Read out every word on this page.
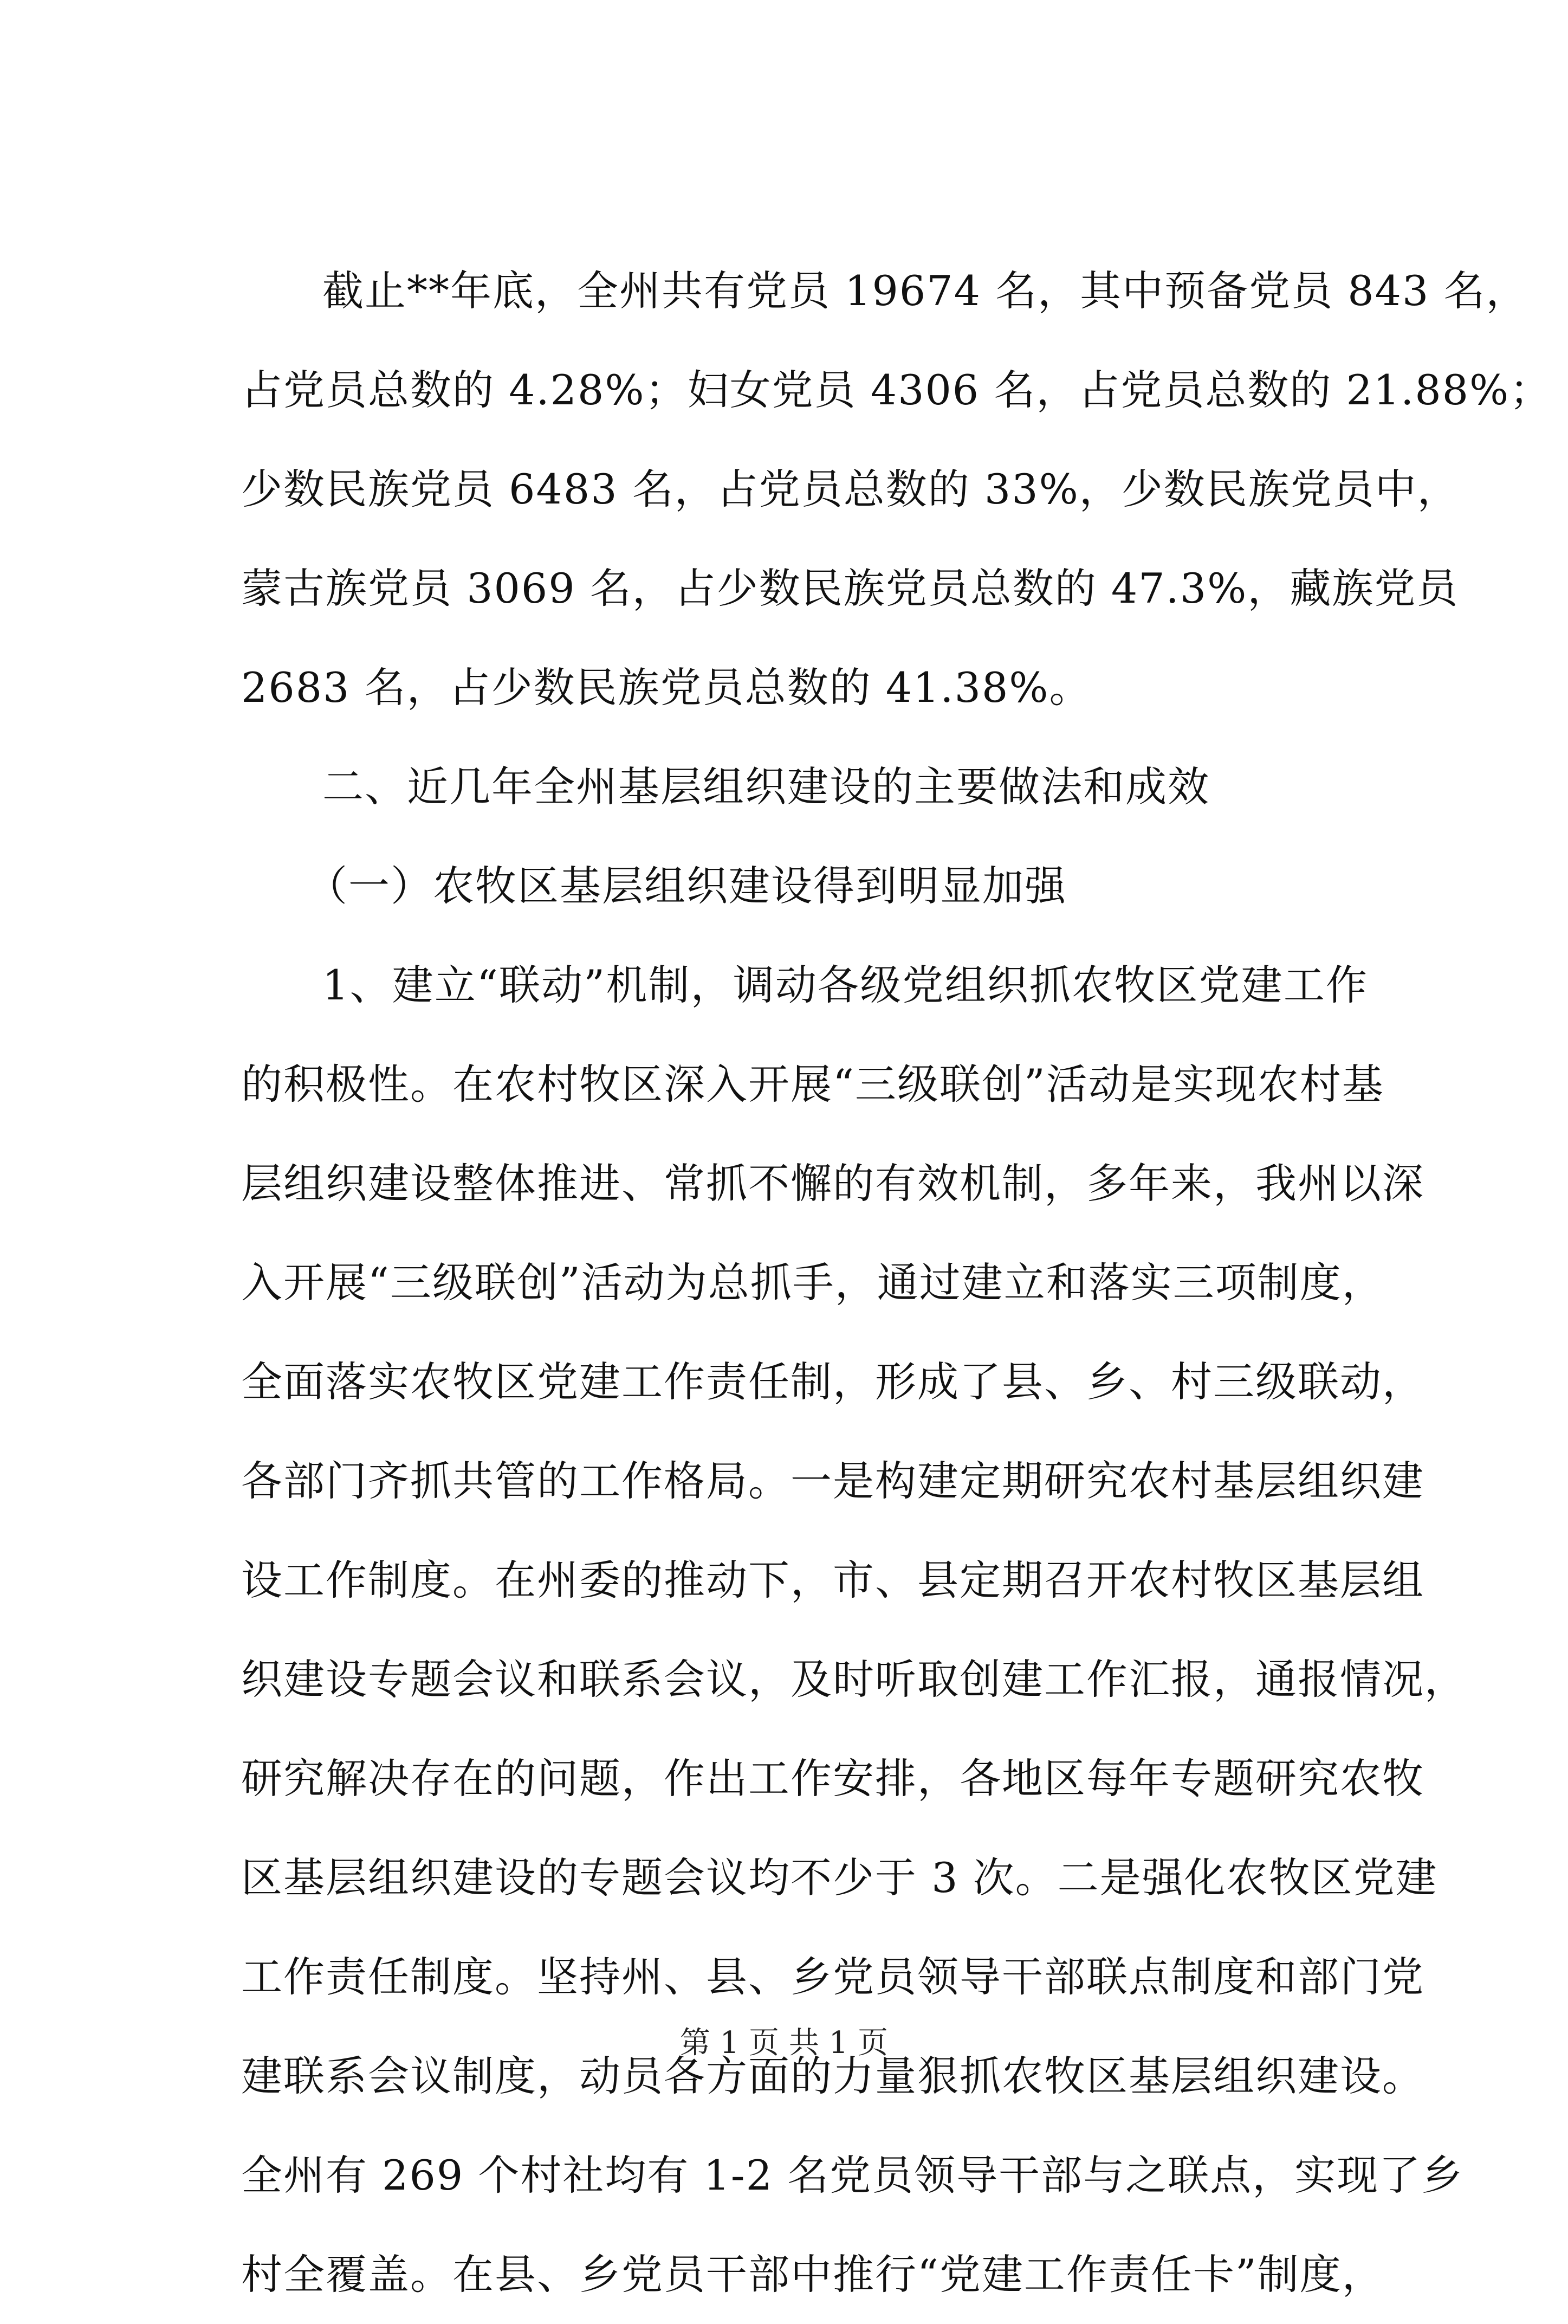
截止**年底，全州共有党员 19674 名，其中预备党员 843 名，
占党员总数的 4.28%；妇女党员 4306 名，占党员总数的 21.88%；
少数民族党员 6483 名，占党员总数的 33%，少数民族党员中，
蒙古族党员 3069 名，占少数民族党员总数的 47.3%，藏族党员
2683 名，占少数民族党员总数的 41.38%。
二、近几年全州基层组织建设的主要做法和成效
（一）农牧区基层组织建设得到明显加强
1、建立“联动”机制，调动各级党组织抓农牧区党建工作
的积极性。在农村牧区深入开展“三级联创”活动是实现农村基
层组织建设整体推进、常抓不懈的有效机制，多年来，我州以深
入开展“三级联创”活动为总抓手，通过建立和落实三项制度，
全面落实农牧区党建工作责任制，形成了县、乡、村三级联动，
各部门齐抓共管的工作格局。一是构建定期研究农村基层组织建
设工作制度。在州委的推动下，市、县定期召开农村牧区基层组
织建设专题会议和联系会议，及时听取创建工作汇报，通报情况，
研究解决存在的问题，作出工作安排，各地区每年专题研究农牧
区基层组织建设的专题会议均不少于 3 次。二是强化农牧区党建
工作责任制度。坚持州、县、乡党员领导干部联点制度和部门党
建联系会议制度，动员各方面的力量狠抓农牧区基层组织建设。
全州有 269 个村社均有 1-2 名党员领导干部与之联点，实现了乡
村全覆盖。在县、乡党员干部中推行“党建工作责任卡”制度，
第 1 页 共 1 页
